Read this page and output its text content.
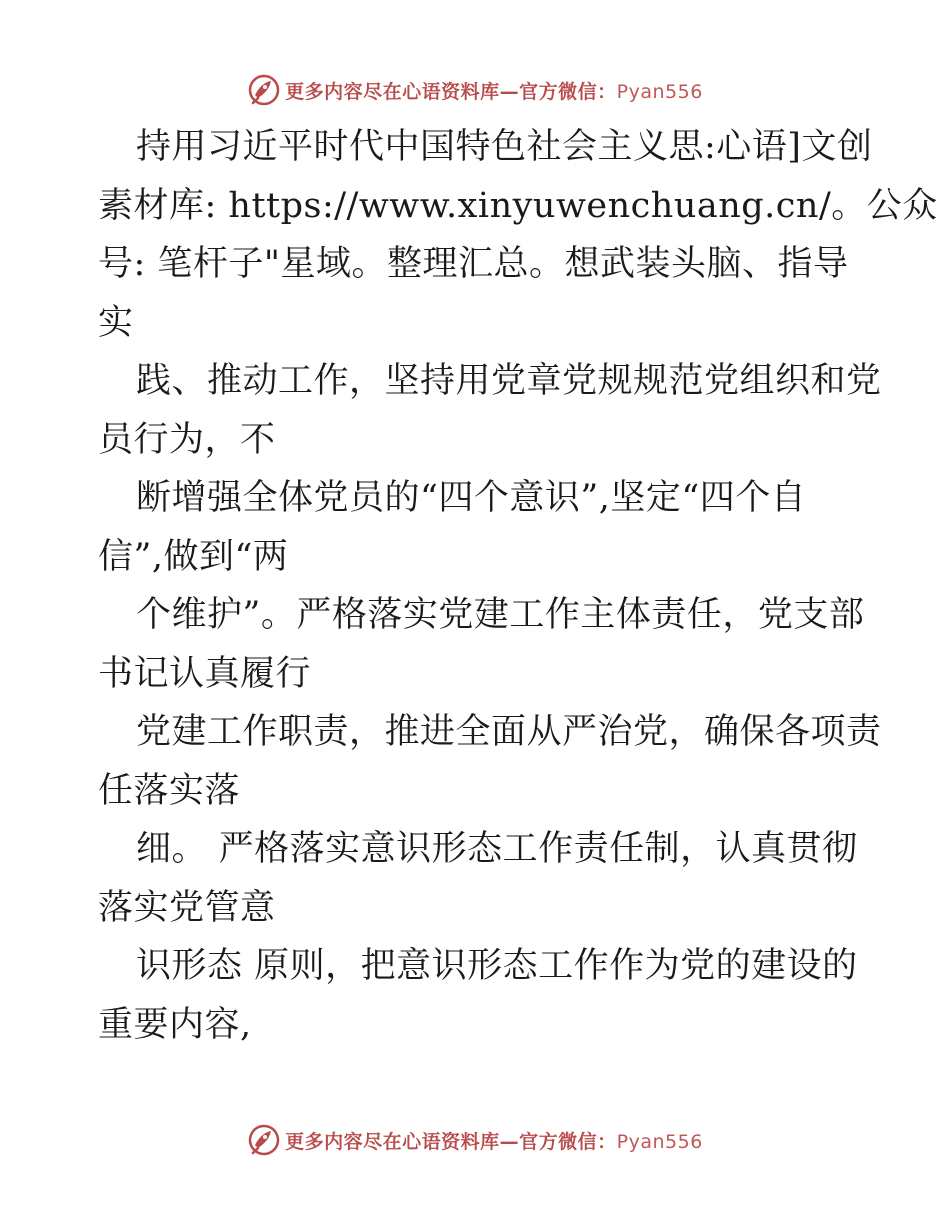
更多内容尽在心语资料库—官方微信：Pyan556
持用习近平时代中国特色社会主义思:心语]文创
素材库: https://www.xinyuwenchuang.cn/。公众
号: 笔杆子"星域。整理汇总。想武装头脑、指导
实
践、推动工作，坚持用党章党规规范党组织和党
员行为，不
断增强全体党员的“四个意识”,坚定“四个自
信”,做到“两
个维护”。严格落实党建工作主体责任，党支部
书记认真履行
党建工作职责，推进全面从严治党，确保各项责
任落实落
细。 严格落实意识形态工作责任制，认真贯彻
落实党管意
识形态 原则，把意识形态工作作为党的建设的
重要内容,
更多内容尽在心语资料库—官方微信：Pyan556
